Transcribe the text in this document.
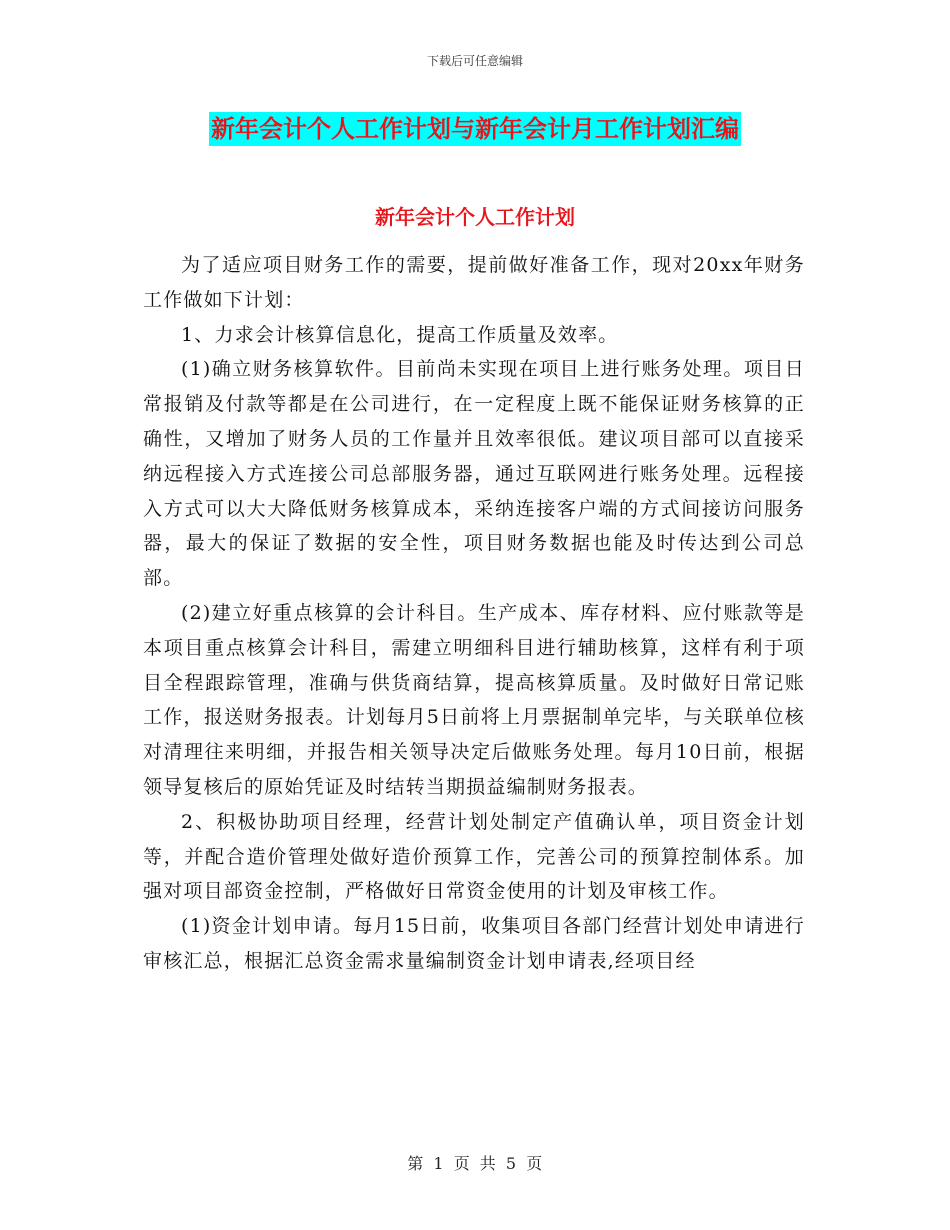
下载后可任意编辑
新年会计个人工作计划与新年会计月工作计划汇编
新年会计个人工作计划

为了适应项目财务工作的需要，提前做好准备工作，现对20xx年财务工作做如下计划：

1、力求会计核算信息化，提高工作质量及效率。

(1)确立财务核算软件。目前尚未实现在项目上进行账务处理。项目日常报销及付款等都是在公司进行，在一定程度上既不能保证财务核算的正确性，又增加了财务人员的工作量并且效率很低。建议项目部可以直接采纳远程接入方式连接公司总部服务器，通过互联网进行账务处理。远程接入方式可以大大降低财务核算成本，采纳连接客户端的方式间接访问服务器，最大的保证了数据的安全性，项目财务数据也能及时传达到公司总部。

(2)建立好重点核算的会计科目。生产成本、库存材料、应付账款等是本项目重点核算会计科目，需建立明细科目进行辅助核算，这样有利于项目全程跟踪管理，准确与供货商结算，提高核算质量。及时做好日常记账工作，报送财务报表。计划每月5日前将上月票据制单完毕，与关联单位核对清理往来明细，并报告相关领导决定后做账务处理。每月10日前，根据领导复核后的原始凭证及时结转当期损益编制财务报表。

2、积极协助项目经理，经营计划处制定产值确认单，项目资金计划等，并配合造价管理处做好造价预算工作，完善公司的预算控制体系。加强对项目部资金控制，严格做好日常资金使用的计划及审核工作。

(1)资金计划申请。每月15日前，收集项目各部门经营计划处申请进行审核汇总，根据汇总资金需求量编制资金计划申请表,经项目经

第 1 页 共 5 页
